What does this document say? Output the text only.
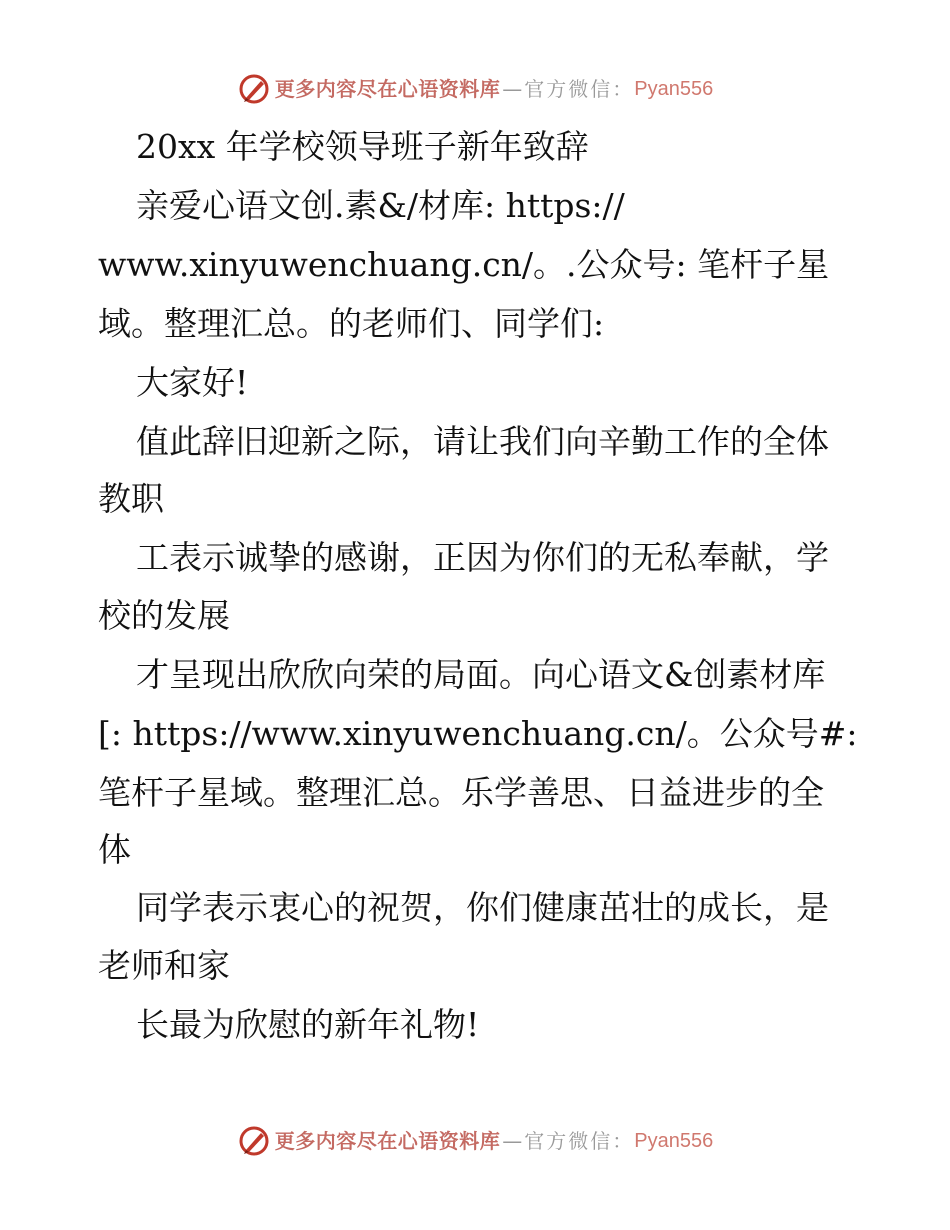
更多内容尽在心语资料库 — 官方微信： Pyan556
20xx 年学校领导班子新年致辞
亲爱心语文创.素&/材库: https://
www.xinyuwenchuang.cn/。.公众号: 笔杆子星
域。整理汇总。的老师们、同学们:
大家好!
值此辞旧迎新之际，请让我们向辛勤工作的全体
教职
工表示诚挚的感谢，正因为你们的无私奉献，学
校的发展
才呈现出欣欣向荣的局面。向心语文&创素材库
[: https://www.xinyuwenchuang.cn/。公众号#:
笔杆子星域。整理汇总。乐学善思、日益进步的全
体
同学表示衷心的祝贺，你们健康茁壮的成长，是
老师和家
长最为欣慰的新年礼物!
更多内容尽在心语资料库 — 官方微信： Pyan556
